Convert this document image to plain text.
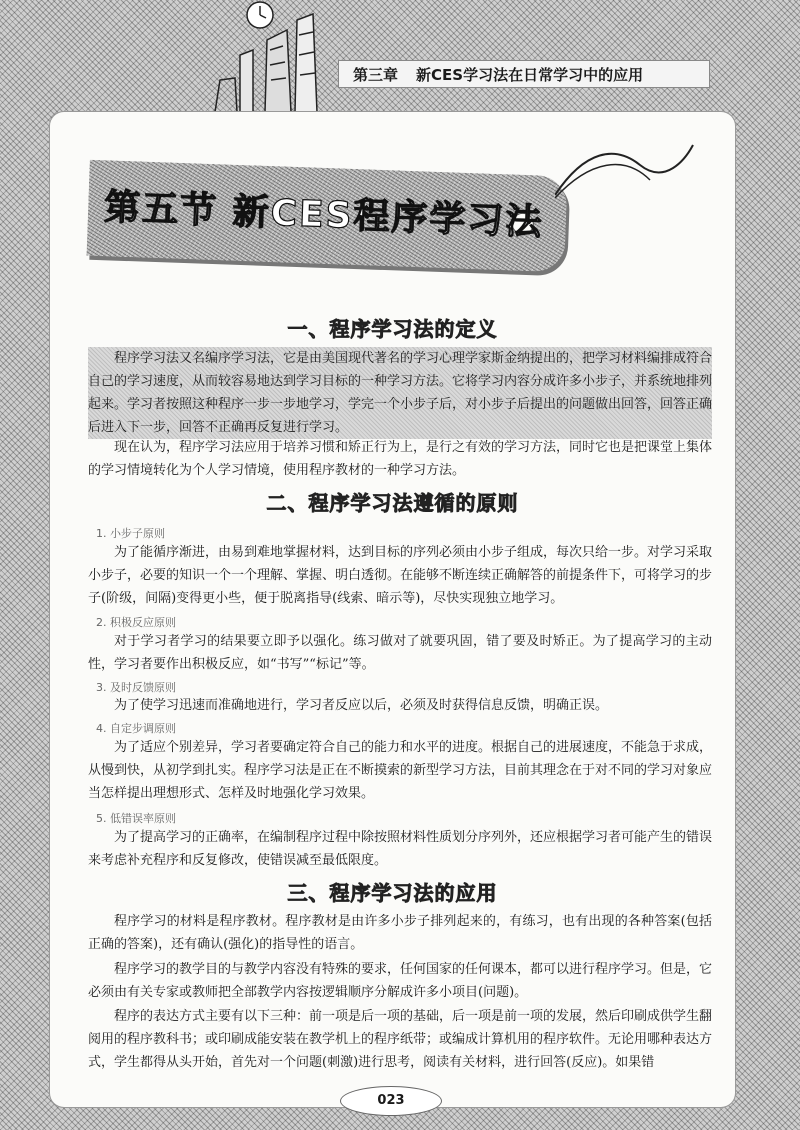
第三章 新CES学习法在日常学习中的应用
第五节 新CES程序学习法
一、程序学习法的定义

程序学习法又名编序学习法，它是由美国现代著名的学习心理学家斯金纳提出的，把学习材料编排成符合自己的学习速度，从而较容易地达到学习目标的一种学习方法。它将学习内容分成许多小步子，并系统地排列起来。学习者按照这种程序一步一步地学习，学完一个小步子后，对小步子后提出的问题做出回答，回答正确后进入下一步，回答不正确再反复进行学习。

现在认为，程序学习法应用于培养习惯和矫正行为上，是行之有效的学习方法，同时它也是把课堂上集体的学习情境转化为个人学习情境，使用程序教材的一种学习方法。

二、程序学习法遵循的原则
1. 小步子原则

为了能循序渐进，由易到难地掌握材料，达到目标的序列必须由小步子组成，每次只给一步。对学习采取小步子，必要的知识一个一个理解、掌握、明白透彻。在能够不断连续正确解答的前提条件下，可将学习的步子(阶级，间隔)变得更小些，便于脱离指导(线索、暗示等)，尽快实现独立地学习。

2. 积极反应原则

对于学习者学习的结果要立即予以强化。练习做对了就要巩固，错了要及时矫正。为了提高学习的主动性，学习者要作出积极反应，如“书写”“标记”等。

3. 及时反馈原则

为了使学习迅速而准确地进行，学习者反应以后，必须及时获得信息反馈，明确正误。

4. 自定步调原则

为了适应个别差异，学习者要确定符合自己的能力和水平的进度。根据自己的进展速度，不能急于求成，从慢到快，从初学到扎实。程序学习法是正在不断摸索的新型学习方法，目前其理念在于对不同的学习对象应当怎样提出理想形式、怎样及时地强化学习效果。

5. 低错误率原则

为了提高学习的正确率，在编制程序过程中除按照材料性质划分序列外，还应根据学习者可能产生的错误来考虑补充程序和反复修改，使错误减至最低限度。

三、程序学习法的应用

程序学习的材料是程序教材。程序教材是由许多小步子排列起来的，有练习，也有出现的各种答案(包括正确的答案)，还有确认(强化)的指导性的语言。

程序学习的教学目的与教学内容没有特殊的要求，任何国家的任何课本，都可以进行程序学习。但是，它必须由有关专家或教师把全部教学内容按逻辑顺序分解成许多小项目(问题)。

程序的表达方式主要有以下三种：前一项是后一项的基础，后一项是前一项的发展，然后印刷成供学生翻阅用的程序教科书；或印刷成能安装在教学机上的程序纸带；或编成计算机用的程序软件。无论用哪种表达方式，学生都得从头开始，首先对一个问题(刺激)进行思考，阅读有关材料，进行回答(反应)。如果错

023
